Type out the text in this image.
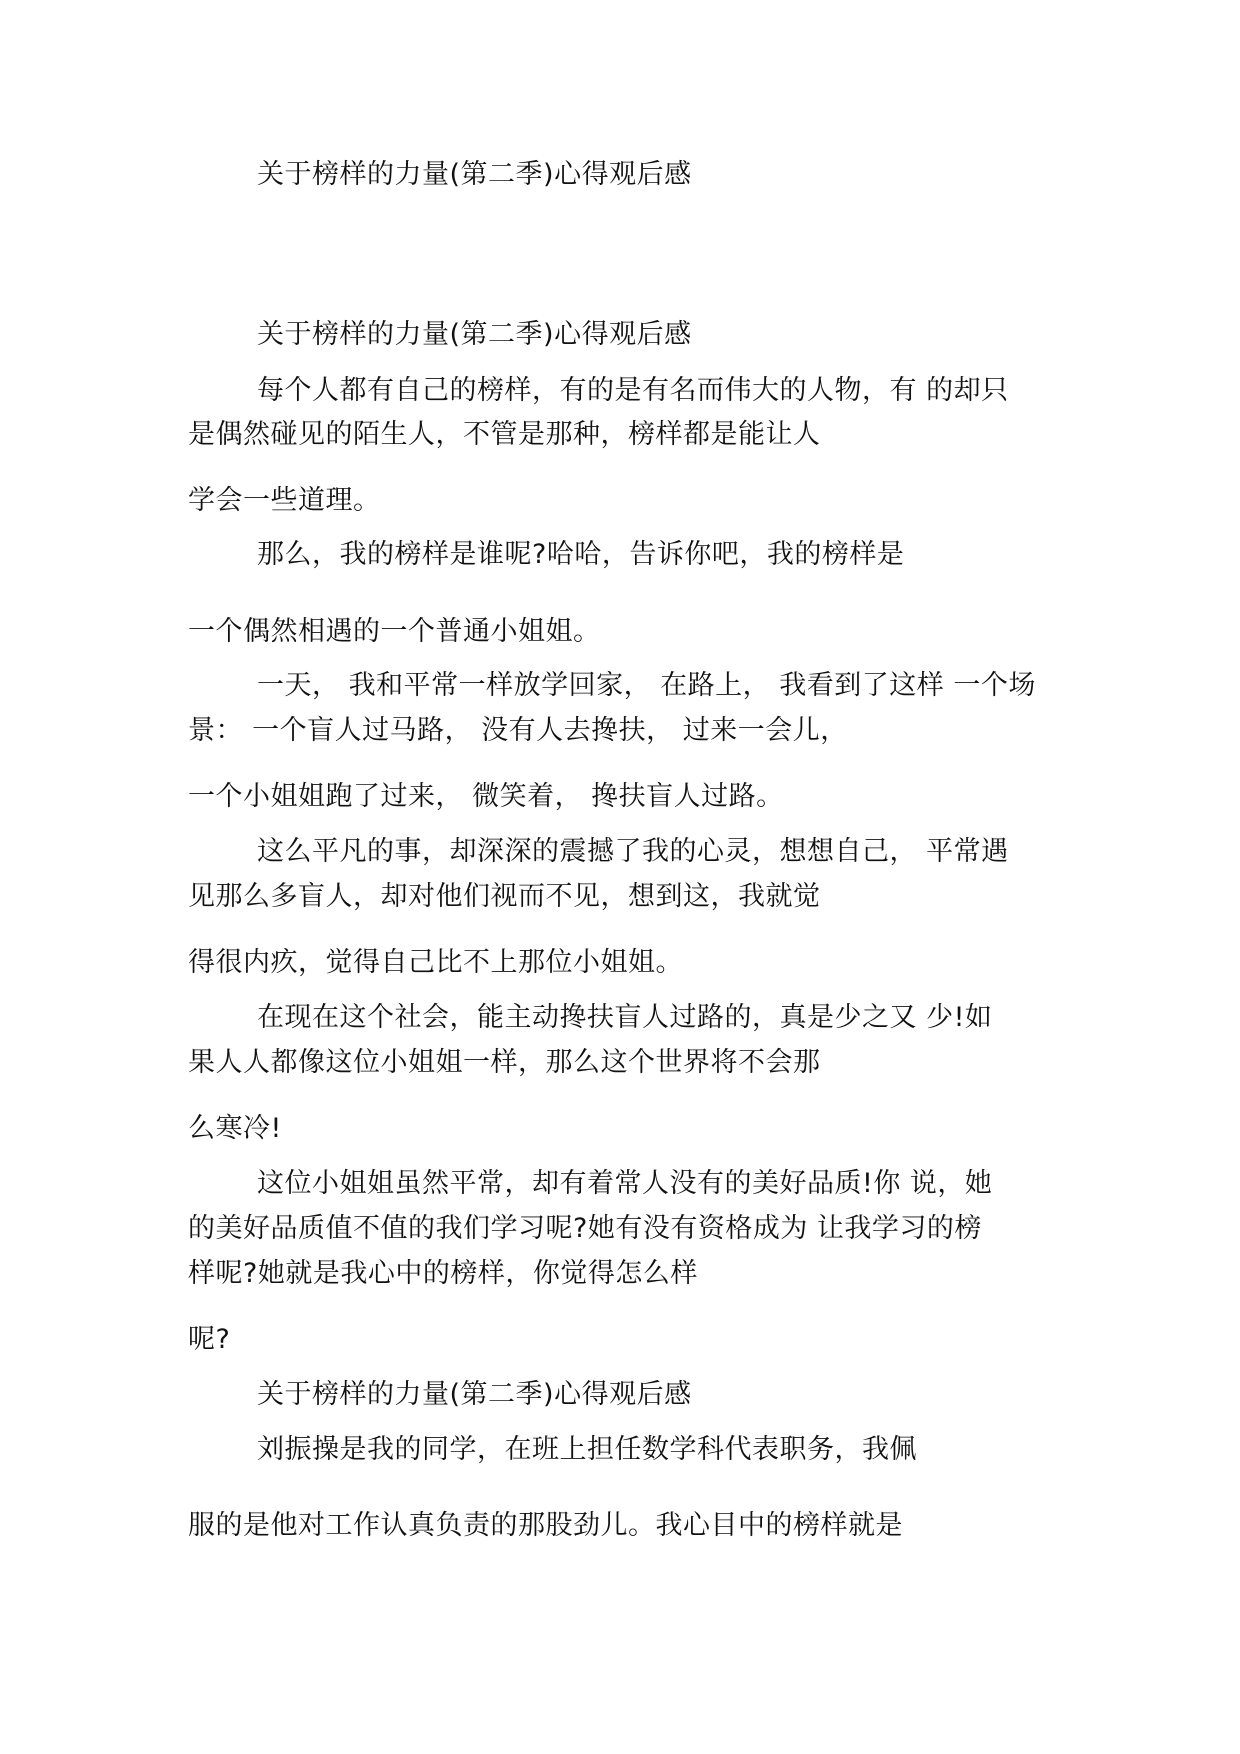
关于榜样的力量(第二季)心得观后感
关于榜样的力量(第二季)心得观后感
每个人都有自己的榜样，有的是有名而伟大的人物，有 的却只
是偶然碰见的陌生人，不管是那种，榜样都是能让人
学会一些道理。
那么，我的榜样是谁呢?哈哈，告诉你吧，我的榜样是
一个偶然相遇的一个普通小姐姐。
一天， 我和平常一样放学回家， 在路上， 我看到了这样 一个场
景： 一个盲人过马路， 没有人去搀扶， 过来一会儿，
一个小姐姐跑了过来， 微笑着， 搀扶盲人过路。
这么平凡的事，却深深的震撼了我的心灵，想想自己， 平常遇
见那么多盲人，却对他们视而不见，想到这，我就觉
得很内疚，觉得自己比不上那位小姐姐。
在现在这个社会，能主动搀扶盲人过路的，真是少之又 少!如
果人人都像这位小姐姐一样，那么这个世界将不会那
么寒冷!
这位小姐姐虽然平常，却有着常人没有的美好品质!你 说，她
的美好品质值不值的我们学习呢?她有没有资格成为 让我学习的榜
样呢?她就是我心中的榜样，你觉得怎么样
呢?
关于榜样的力量(第二季)心得观后感
刘振操是我的同学，在班上担任数学科代表职务，我佩
服的是他对工作认真负责的那股劲儿。我心目中的榜样就是
